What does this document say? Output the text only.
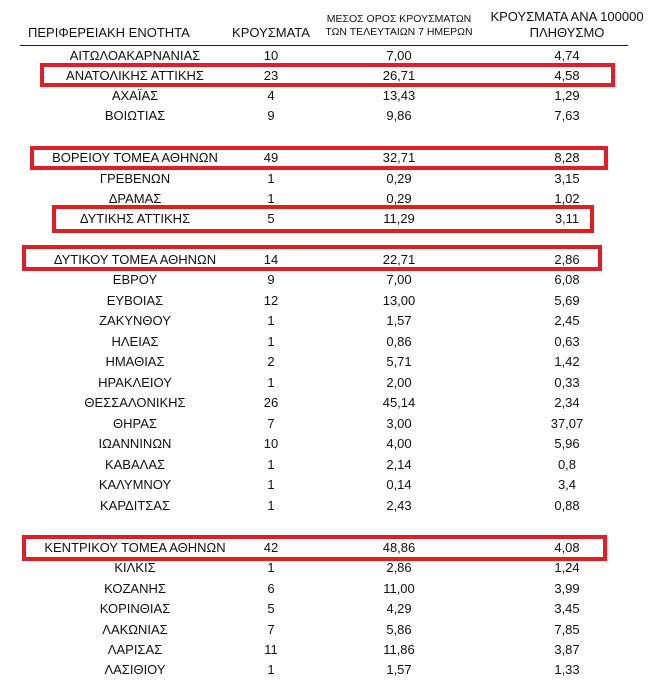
ΠΕΡΙΦΕΡΕΙΑΚΗ ΕΝΟΤΗΤΑ	ΚΡΟΥΣΜΑΤΑ
ΜΕΣΟΣ ΟΡΟΣ ΚΡΟΥΣΜΑΤΩΝ
ΤΩΝ ΤΕΛΕΥΤΑΙΩΝ 7 ΗΜΕΡΩΝ
ΚΡΟΥΣΜΑΤΑ ΑΝΑ 100000
ΠΛΗΘΥΣΜΟ
ΑΙΤΩΛΟΑΚΑΡΝΑΝΙΑΣ	10	7,00	4,74
ΑΝΑΤΟΛΙΚΗΣ ΑΤΤΙΚΗΣ	23	26,71	4,58
ΑΧΑΪΑΣ	4	13,43	1,29
ΒΟΙΩΤΙΑΣ	9	9,86	7,63
ΒΟΡΕΙΟΥ ΤΟΜΕΑ ΑΘΗΝΩΝ	49	32,71	8,28
ΓΡΕΒΕΝΩΝ	1	0,29	3,15
ΔΡΑΜΑΣ	1	0,29	1,02
ΔΥΤΙΚΗΣ ΑΤΤΙΚΗΣ	5	11,29	3,11
ΔΥΤΙΚΟΥ ΤΟΜΕΑ ΑΘΗΝΩΝ	14	22,71	2,86
ΕΒΡΟΥ	9	7,00	6,08
ΕΥΒΟΙΑΣ	12	13,00	5,69
ΖΑΚΥΝΘΟΥ	1	1,57	2,45
ΗΛΕΙΑΣ	1	0,86	0,63
ΗΜΑΘΙΑΣ	2	5,71	1,42
ΗΡΑΚΛΕΙΟΥ	1	2,00	0,33
ΘΕΣΣΑΛΟΝΙΚΗΣ	26	45,14	2,34
ΘΗΡΑΣ	7	3,00	37,07
ΙΩΑΝΝΙΝΩΝ	10	4,00	5,96
ΚΑΒΑΛΑΣ	1	2,14	0,8
ΚΑΛΥΜΝΟΥ	1	0,14	3,4
ΚΑΡΔΙΤΣΑΣ	1	2,43	0,88
ΚΕΝΤΡΙΚΟΥ ΤΟΜΕΑ ΑΘΗΝΩΝ	42	48,86	4,08
ΚΙΛΚΙΣ	1	2,86	1,24
ΚΟΖΑΝΗΣ	6	11,00	3,99
ΚΟΡΙΝΘΙΑΣ	5	4,29	3,45
ΛΑΚΩΝΙΑΣ	7	5,86	7,85
ΛΑΡΙΣΑΣ	11	11,86	3,87
ΛΑΣΙΘΙΟΥ	1	1,57	1,33
